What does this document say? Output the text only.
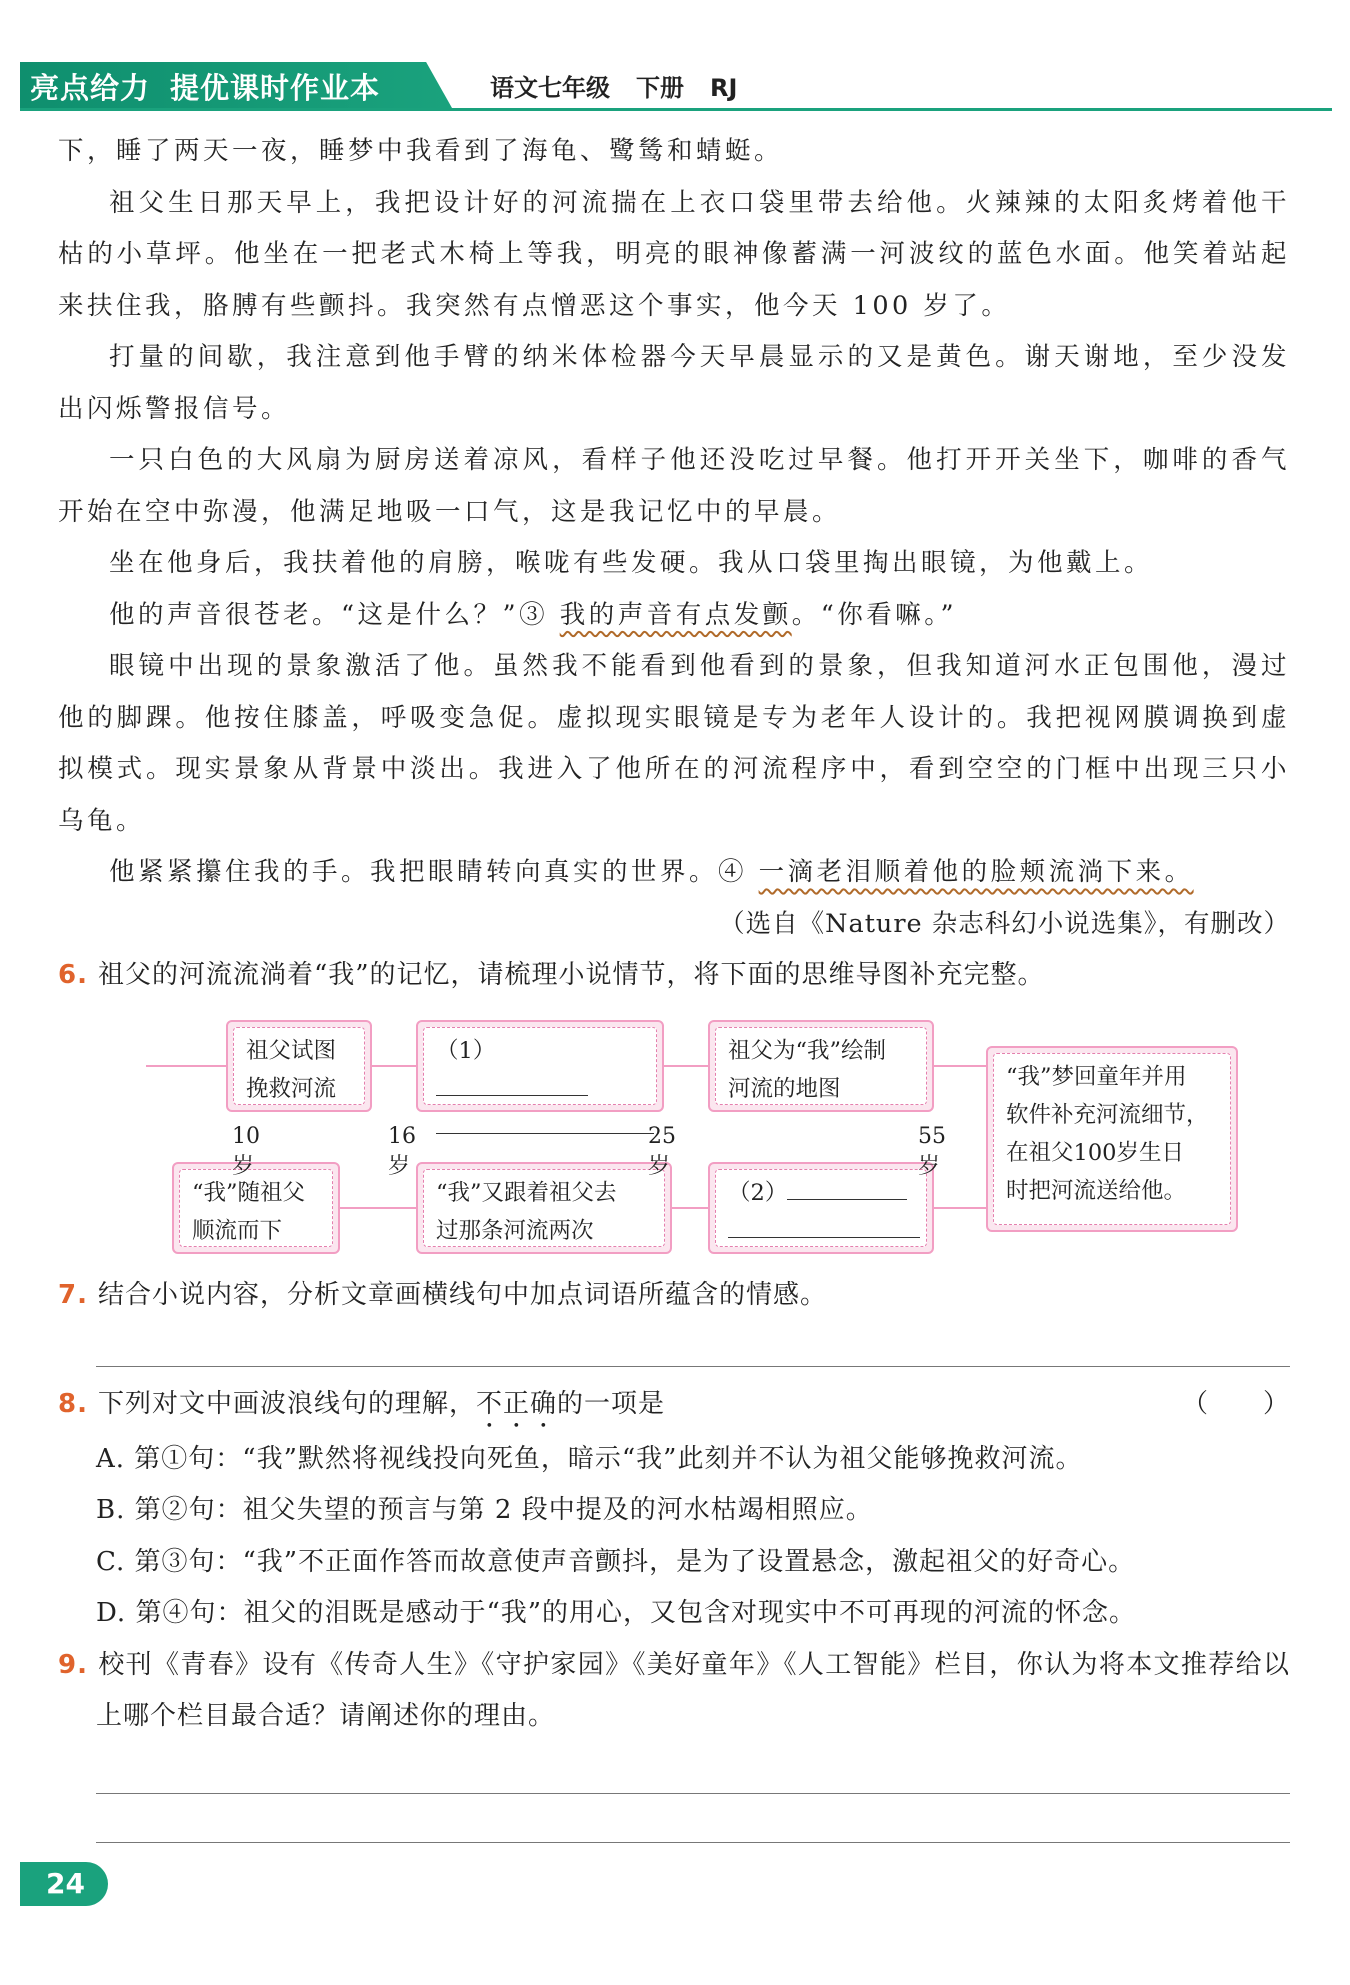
亮点给力 提优课时作业本	语文七年级 下册 RJ

下，睡了两天一夜，睡梦中我看到了海龟、鹭鸶和蜻蜓。

祖父生日那天早上，我把设计好的河流揣在上衣口袋里带去给他。火辣辣的太阳炙烤着他干枯的小草坪。他坐在一把老式木椅上等我，明亮的眼神像蓄满一河波纹的蓝色水面。他笑着站起来扶住我，胳膊有些颤抖。我突然有点憎恶这个事实，他今天 100 岁了。

打量的间歇，我注意到他手臂的纳米体检器今天早晨显示的又是黄色。谢天谢地，至少没发出闪烁警报信号。

一只白色的大风扇为厨房送着凉风，看样子他还没吃过早餐。他打开开关坐下，咖啡的香气开始在空中弥漫，他满足地吸一口气，这是我记忆中的早晨。

坐在他身后，我扶着他的肩膀，喉咙有些发硬。我从口袋里掏出眼镜，为他戴上。

他的声音很苍老。“这是什么？”③ 我的声音有点发颤。“你看嘛。”

眼镜中出现的景象激活了他。虽然我不能看到他看到的景象，但我知道河水正包围他，漫过他的脚踝。他按住膝盖，呼吸变急促。虚拟现实眼镜是专为老年人设计的。我把视网膜调换到虚拟模式。现实景象从背景中淡出。我进入了他所在的河流程序中，看到空空的门框中出现三只小乌龟。

他紧紧攥住我的手。我把眼睛转向真实的世界。④ 一滴老泪顺着他的脸颊流淌下来。

（选自《Nature 杂志科幻小说选集》，有删改）

6. 祖父的河流流淌着“我”的记忆，请梳理小说情节，将下面的思维导图补充完整。

祖父试图
挽救河流
（1）	祖父为“我”绘制
河流的地图	“我”梦回童年并用
软件补充河流细节，
在祖父100岁生日
时把河流送给他。
“我”随祖父
顺流而下
“我”又跟着祖父去
过那条河流两次
（2）
10岁
16岁
25岁
55岁

7. 结合小说内容，分析文章画横线句中加点词语所蕴含的情感。

8. 下列对文中画波浪线句的理解，不正确的一项是	（　　）

A. 第①句：“我”默然将视线投向死鱼，暗示“我”此刻并不认为祖父能够挽救河流。

B. 第②句：祖父失望的预言与第 2 段中提及的河水枯竭相照应。

C. 第③句：“我”不正面作答而故意使声音颤抖，是为了设置悬念，激起祖父的好奇心。

D. 第④句：祖父的泪既是感动于“我”的用心，又包含对现实中不可再现的河流的怀念。

9. 校刊《青春》设有《传奇人生》《守护家园》《美好童年》《人工智能》栏目，你认为将本文推荐给以上哪个栏目最合适？请阐述你的理由。

24
